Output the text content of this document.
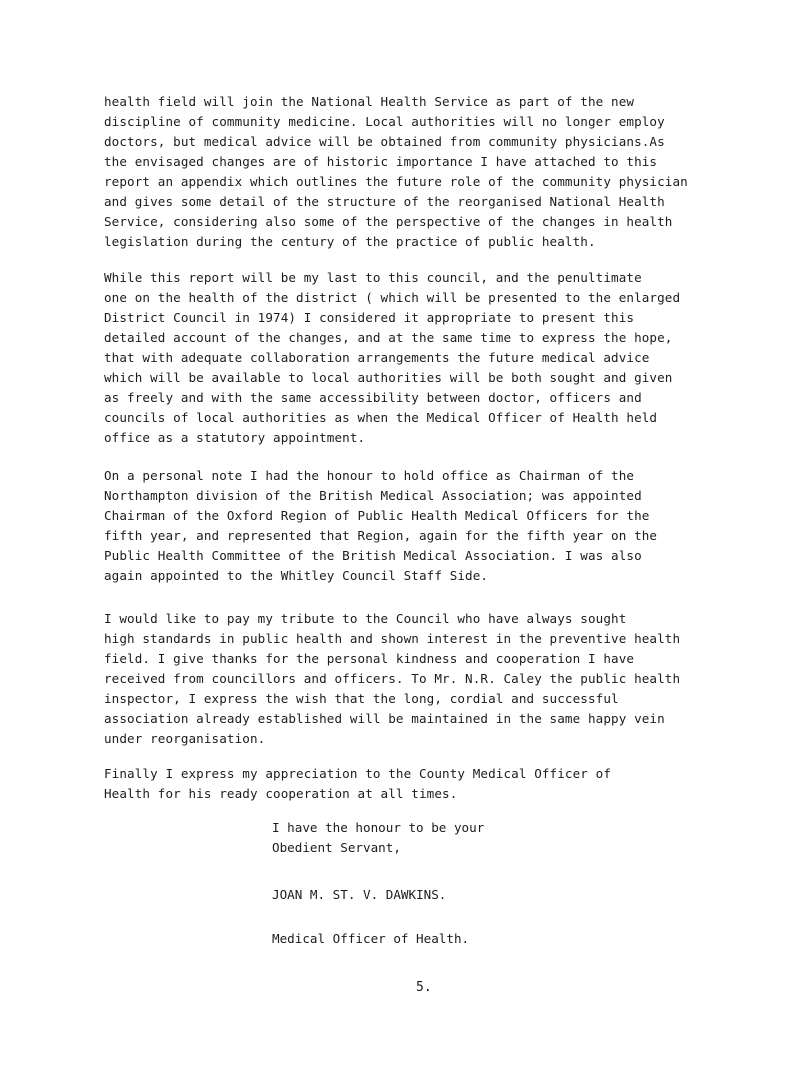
health field will join the National Health Service as part of the new
discipline of community medicine. Local authorities will no longer employ
doctors, but medical advice will be obtained from community physicians.As
the envisaged changes are of historic importance I have attached to this
report an appendix which outlines the future role of the community physician
and gives some detail of the structure of the reorganised National Health
Service, considering also some of the perspective of the changes in health
legislation during the century of the practice of public health.

While this report will be my last to this council, and the penultimate
one on the health of the district ( which will be presented to the enlarged
District Council in 1974) I considered it appropriate to present this
detailed account of the changes, and at the same time to express the hope,
that with adequate collaboration arrangements the future medical advice
which will be available to local authorities will be both sought and given
as freely and with the same accessibility between doctor, officers and
councils of local authorities as when the Medical Officer of Health held
office as a statutory appointment.

On a personal note I had the honour to hold office as Chairman of the
Northampton division of the British Medical Association; was appointed
Chairman of the Oxford Region of Public Health Medical Officers for the
fifth year, and represented that Region, again for the fifth year on the
Public Health Committee of the British Medical Association. I was also
again appointed to the Whitley Council Staff Side.

I would like to pay my tribute to the Council who have always sought
high standards in public health and shown interest in the preventive health
field. I give thanks for the personal kindness and cooperation I have
received from councillors and officers. To Mr. N.R. Caley the public health
inspector, I express the wish that the long, cordial and successful
association already established will be maintained in the same happy vein
under reorganisation.

Finally I express my appreciation to the County Medical Officer of
Health for his ready cooperation at all times.

I have the honour to be your
Obedient Servant,

JOAN M. ST. V. DAWKINS.
Medical Officer of Health.
5.
